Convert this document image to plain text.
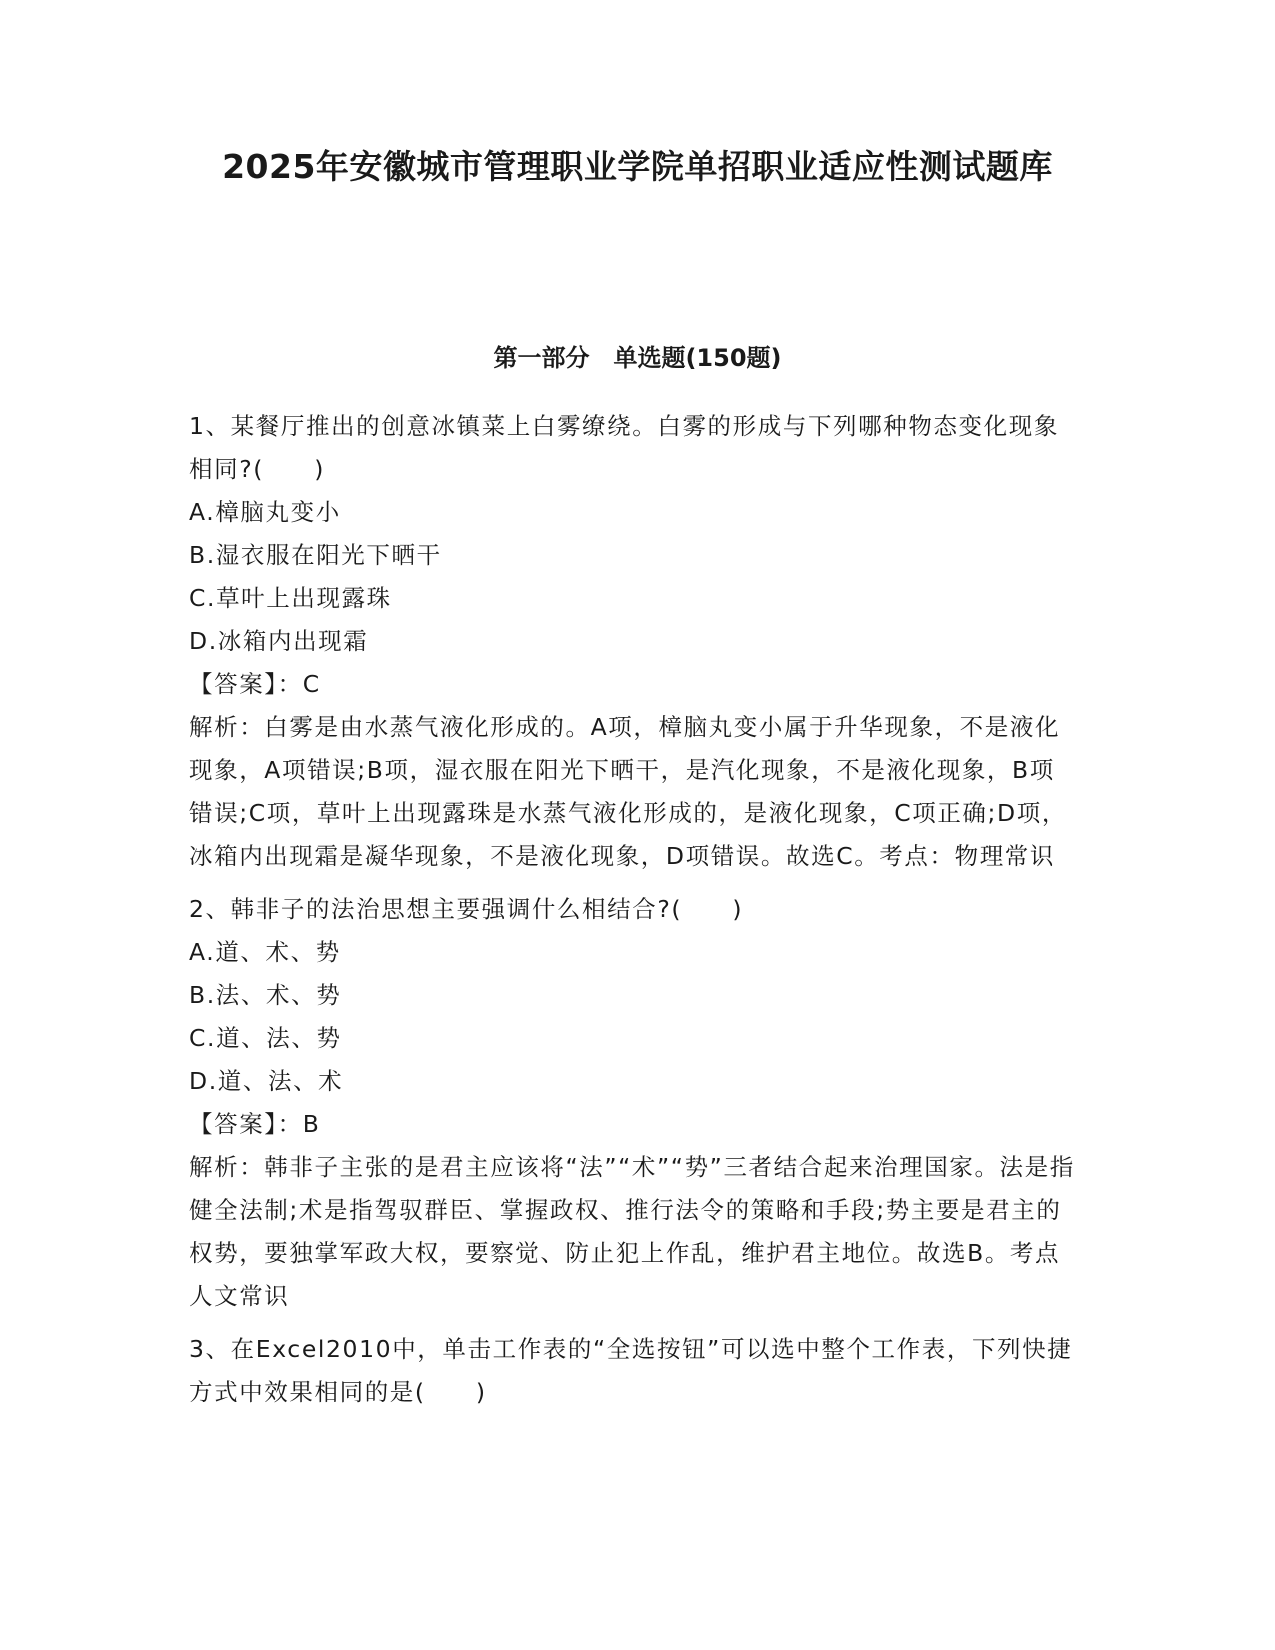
2025年安徽城市管理职业学院单招职业适应性测试题库
第一部分　单选题(150题)

1、某餐厅推出的创意冰镇菜上白雾缭绕。白雾的形成与下列哪种物态变化现象相同?(　　)

A.樟脑丸变小

B.湿衣服在阳光下晒干

C.草叶上出现露珠

D.冰箱内出现霜

【答案】：C

解析：白雾是由水蒸气液化形成的。A项，樟脑丸变小属于升华现象，不是液化现象，A项错误;B项，湿衣服在阳光下晒干，是汽化现象，不是液化现象，B项错误;C项，草叶上出现露珠是水蒸气液化形成的，是液化现象，C项正确;D项，冰箱内出现霜是凝华现象，不是液化现象，D项错误。故选C。考点：物理常识

2、韩非子的法治思想主要强调什么相结合?(　　)

A.道、术、势

B.法、术、势

C.道、法、势

D.道、法、术

【答案】：B

解析：韩非子主张的是君主应该将“法”“术”“势”三者结合起来治理国家。法是指健全法制;术是指驾驭群臣、掌握政权、推行法令的策略和手段;势主要是君主的权势，要独掌军政大权，要察觉、防止犯上作乱，维护君主地位。故选B。考点人文常识

3、在Excel2010中，单击工作表的“全选按钮”可以选中整个工作表，下列快捷方式中效果相同的是(　　)
